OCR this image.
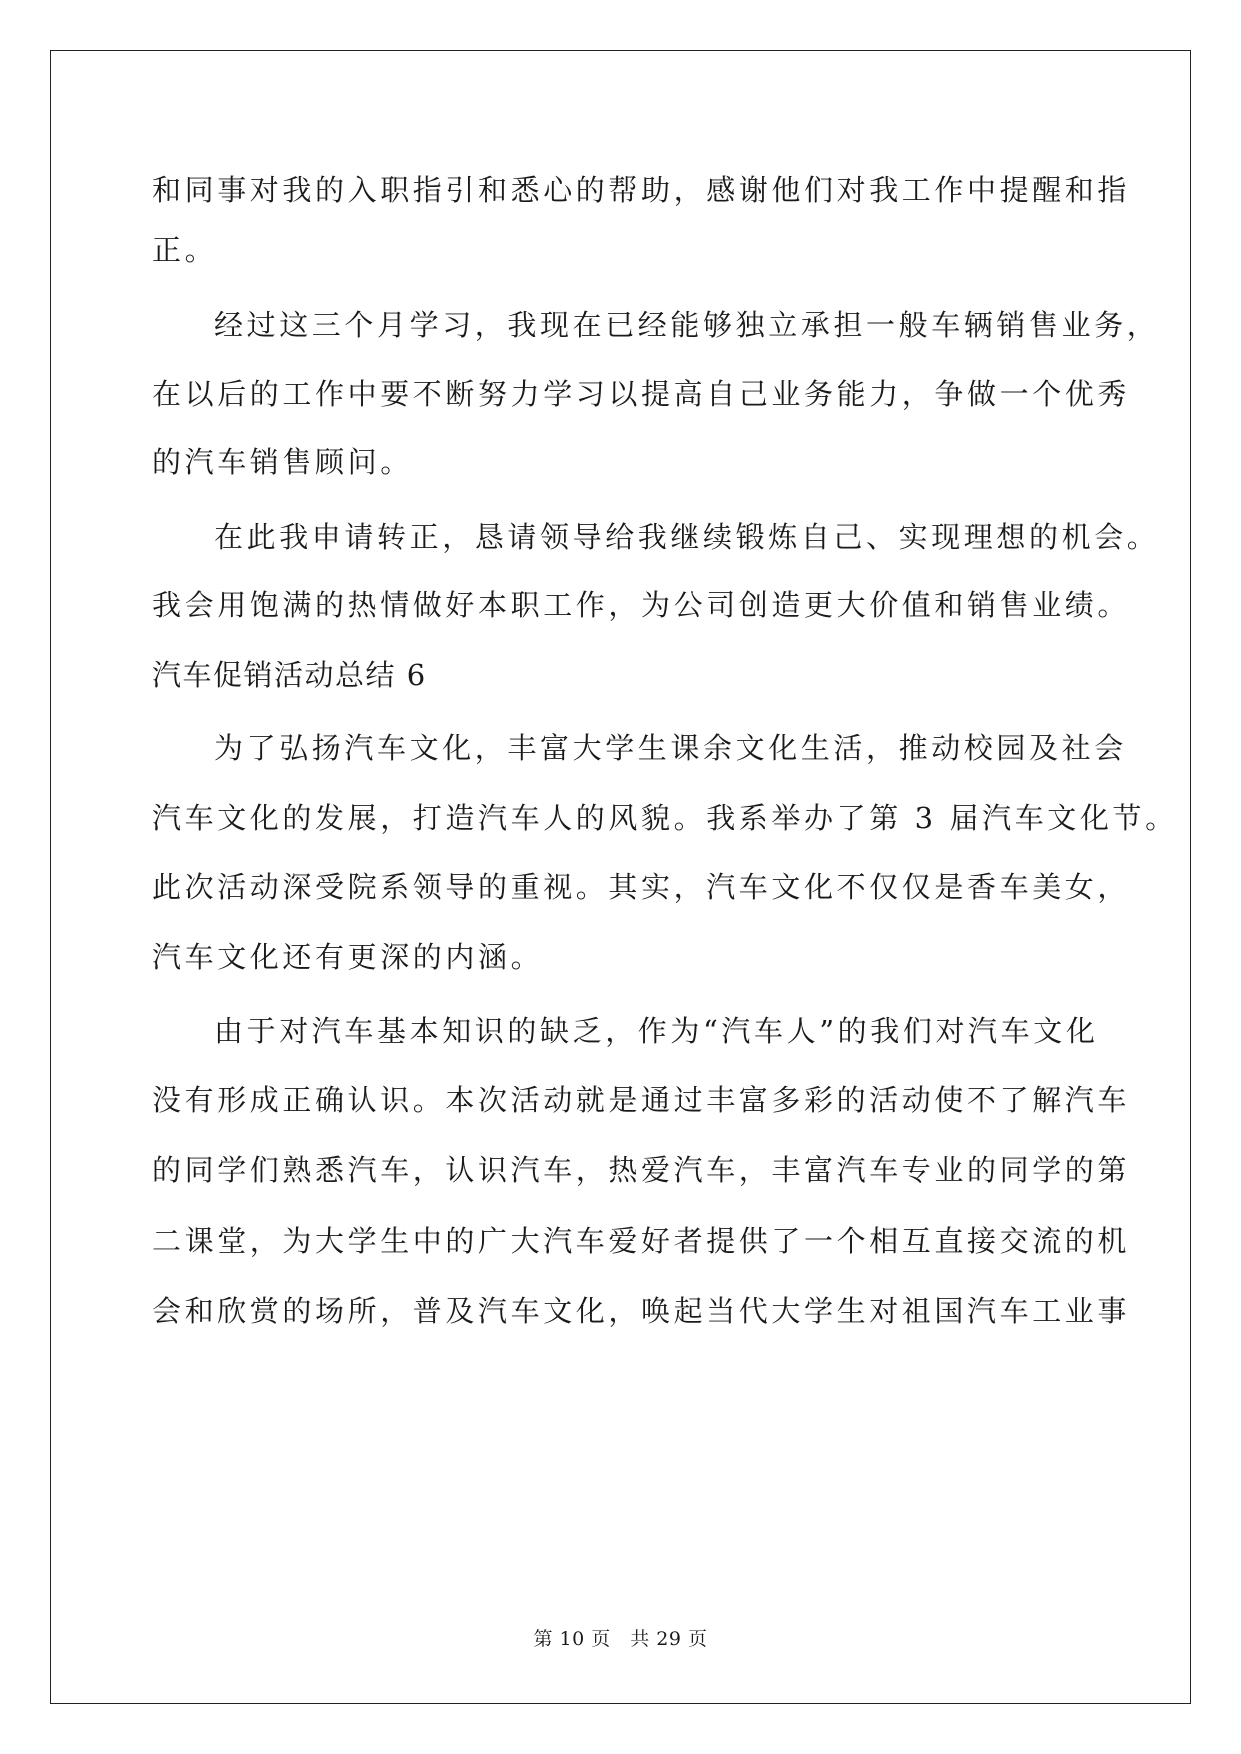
和同事对我的入职指引和悉心的帮助，感谢他们对我工作中提醒和指
正。
经过这三个月学习，我现在已经能够独立承担一般车辆销售业务，
在以后的工作中要不断努力学习以提高自己业务能力，争做一个优秀
的汽车销售顾问。
在此我申请转正，恳请领导给我继续锻炼自己、实现理想的机会。
我会用饱满的热情做好本职工作，为公司创造更大价值和销售业绩。
汽车促销活动总结 6
为了弘扬汽车文化，丰富大学生课余文化生活，推动校园及社会
汽车文化的发展，打造汽车人的风貌。我系举办了第 3 届汽车文化节。
此次活动深受院系领导的重视。其实，汽车文化不仅仅是香车美女，
汽车文化还有更深的内涵。
由于对汽车基本知识的缺乏，作为“汽车人”的我们对汽车文化
没有形成正确认识。本次活动就是通过丰富多彩的活动使不了解汽车
的同学们熟悉汽车，认识汽车，热爱汽车，丰富汽车专业的同学的第
二课堂，为大学生中的广大汽车爱好者提供了一个相互直接交流的机
会和欣赏的场所，普及汽车文化，唤起当代大学生对祖国汽车工业事
第 10 页　共 29 页
